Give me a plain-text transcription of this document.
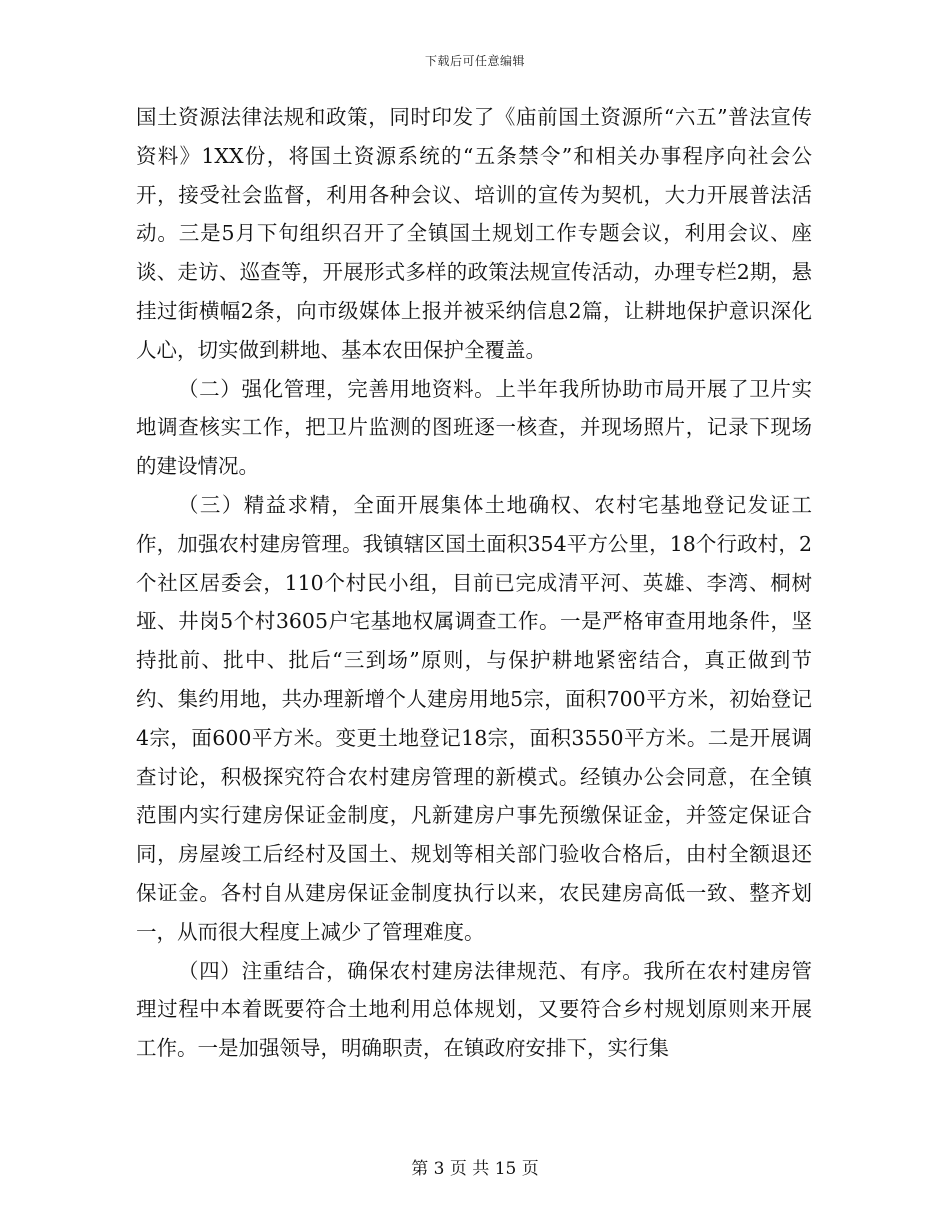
下载后可任意编辑

国土资源法律法规和政策，同时印发了《庙前国土资源所“六五”普法宣传资料》1XX份，将国土资源系统的“五条禁令”和相关办事程序向社会公开，接受社会监督，利用各种会议、培训的宣传为契机，大力开展普法活动。三是5月下旬组织召开了全镇国土规划工作专题会议，利用会议、座谈、走访、巡查等，开展形式多样的政策法规宣传活动，办理专栏2期，悬挂过街横幅2条，向市级媒体上报并被采纳信息2篇，让耕地保护意识深化人心，切实做到耕地、基本农田保护全覆盖。

（二）强化管理，完善用地资料。上半年我所协助市局开展了卫片实地调查核实工作，把卫片监测的图班逐一核查，并现场照片，记录下现场的建设情况。

（三）精益求精，全面开展集体土地确权、农村宅基地登记发证工作，加强农村建房管理。我镇辖区国土面积354平方公里，18个行政村，2个社区居委会，110个村民小组，目前已完成清平河、英雄、李湾、桐树垭、井岗5个村3605户宅基地权属调查工作。一是严格审查用地条件，坚持批前、批中、批后“三到场”原则，与保护耕地紧密结合，真正做到节约、集约用地，共办理新增个人建房用地5宗，面积700平方米，初始登记4宗，面600平方米。变更土地登记18宗，面积3550平方米。二是开展调查讨论，积极探究符合农村建房管理的新模式。经镇办公会同意，在全镇范围内实行建房保证金制度，凡新建房户事先预缴保证金，并签定保证合同，房屋竣工后经村及国土、规划等相关部门验收合格后，由村全额退还保证金。各村自从建房保证金制度执行以来，农民建房高低一致、整齐划一，从而很大程度上减少了管理难度。

（四）注重结合，确保农村建房法律规范、有序。我所在农村建房管理过程中本着既要符合土地利用总体规划，又要符合乡村规划原则来开展工作。一是加强领导，明确职责，在镇政府安排下，实行集

第 3 页 共 15 页
